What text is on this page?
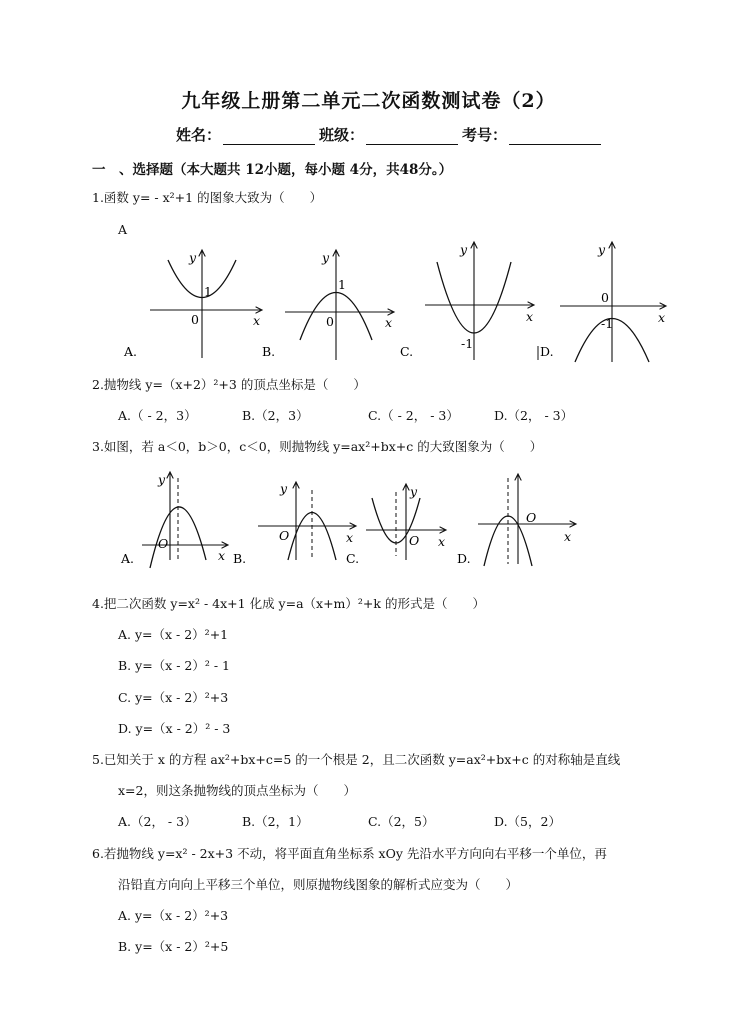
九年级上册第二单元二次函数测试卷（2）
姓名：	班级：	考号：
一　、选择题（本大题共 12小题，每小题 4分，共48分。）
1.函数 y= - x²+1 的图象大致为（　　）
A
y
x
0
1
A.
y
x
0
1
B.
y
x
-1
C.
y
x
0
-1
D.
2.抛物线 y=（x+2）²+3 的顶点坐标是（　　）
A.（ - 2，3）	B.（2，3）	C.（ - 2， - 3）	D.（2， - 3）
3.如图，若 a＜0，b＞0，c＜0，则抛物线 y=ax²+bx+c 的大致图象为（　　）
y
x
O
A.
y
x
O
B.
y
x
O
C.
O
x
D.
4.把二次函数 y=x² - 4x+1 化成 y=a（x+m）²+k 的形式是（　　）
A. y=（x - 2）²+1
B. y=（x - 2）² - 1
C. y=（x - 2）²+3
D. y=（x - 2）² - 3
5.已知关于 x 的方程 ax²+bx+c=5 的一个根是 2，且二次函数 y=ax²+bx+c 的对称轴是直线
x=2，则这条抛物线的顶点坐标为（　　）
A.（2， - 3）	B.（2，1）	C.（2，5）	D.（5，2）
6.若抛物线 y=x² - 2x+3 不动，将平面直角坐标系 xOy 先沿水平方向向右平移一个单位，再
沿铅直方向向上平移三个单位，则原抛物线图象的解析式应变为（　　）
A. y=（x - 2）²+3
B. y=（x - 2）²+5
